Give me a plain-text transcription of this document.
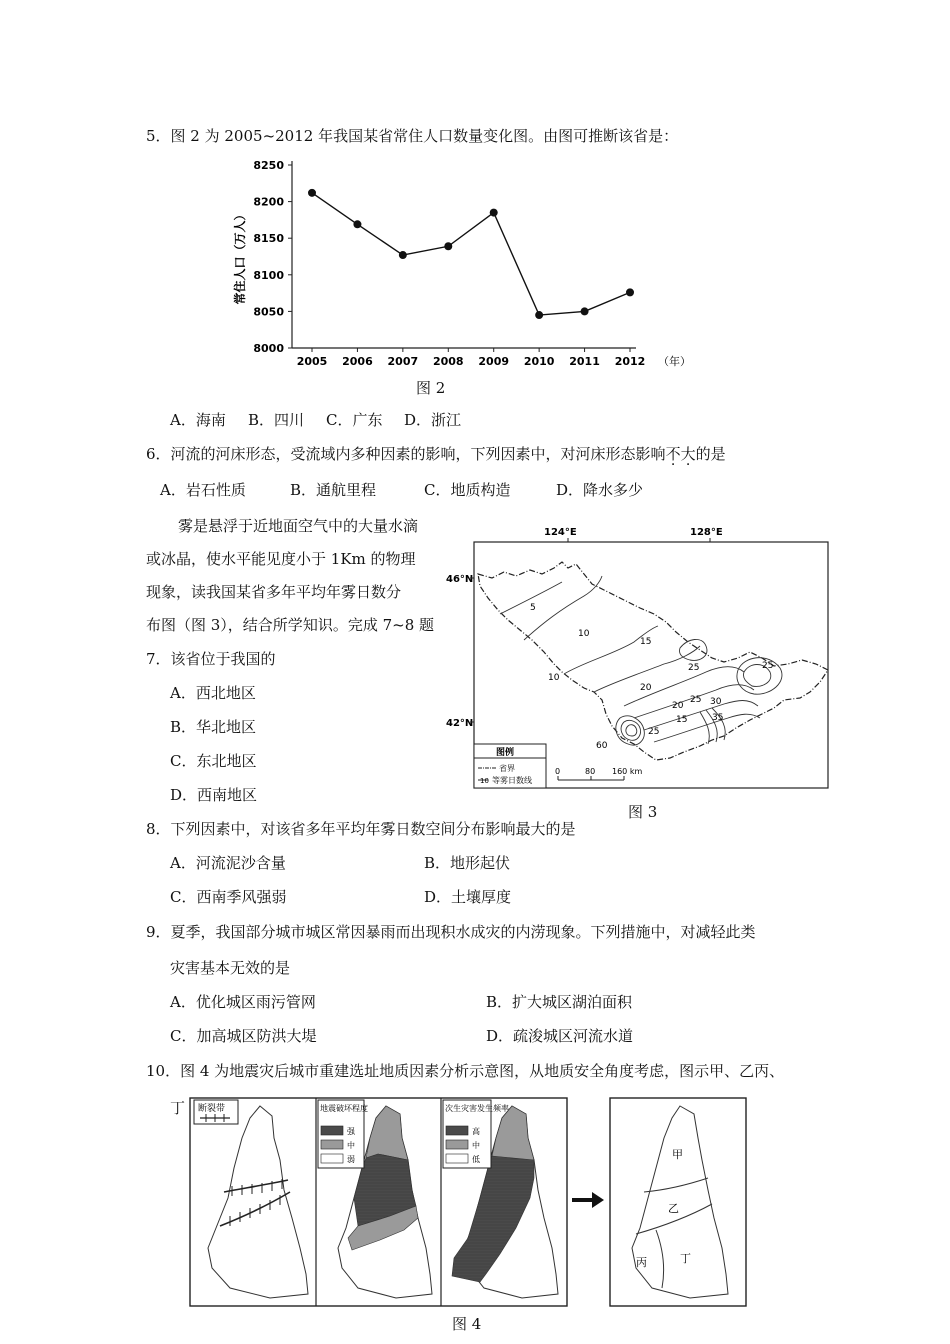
5．图 2 为 2005~2012 年我国某省常住人口数量变化图。由图可推断该省是：
8000
8050
8100
8150
8200
8250
2005 2006 2007 2008 2009 2010 2011 2012 （年）
常住人口（万人）
图 2
A．海南 B．四川 C．广东 D．浙江
6．河流的河床形态，受流域内多种因素的影响，下列因素中，对河床形态影响不大的是
A．岩石性质	B．通航里程	C．地质构造	D．降水多少
雾是悬浮于近地面空气中的大量水滴
或冰晶，使水平能见度小于 1Km 的物理
现象，读我国某省多年平均年雾日数分
布图（图 3），结合所学知识。完成 7~8 题
124°E	128°E
46°N
42°N
5
10
10
15
20
25
25 30
35
25
20
15
25
60
图例
省界
10 等雾日数线
0	80 160 km
图 3
7．该省位于我国的
A．西北地区
B．华北地区
C．东北地区
D．西南地区
8．下列因素中，对该省多年平均年雾日数空间分布影响最大的是
A．河流泥沙含量	B．地形起伏
C．西南季风强弱	D．土壤厚度
9．夏季，我国部分城市城区常因暴雨而出现积水成灾的内涝现象。下列措施中，对减轻此类
灾害基本无效的是
A．优化城区雨污管网	B．扩大城区湖泊面积
C．加高城区防洪大堤	D．疏浚城区河流水道
10．图 4 为地震灾后城市重建选址地质因素分析示意图，从地质安全角度考虑，图示甲、乙丙、
丁 断裂带	地震破坏程度
强
中
弱
次生灾害发生频率
高
中
低	甲
乙
丙	丁
图 4
